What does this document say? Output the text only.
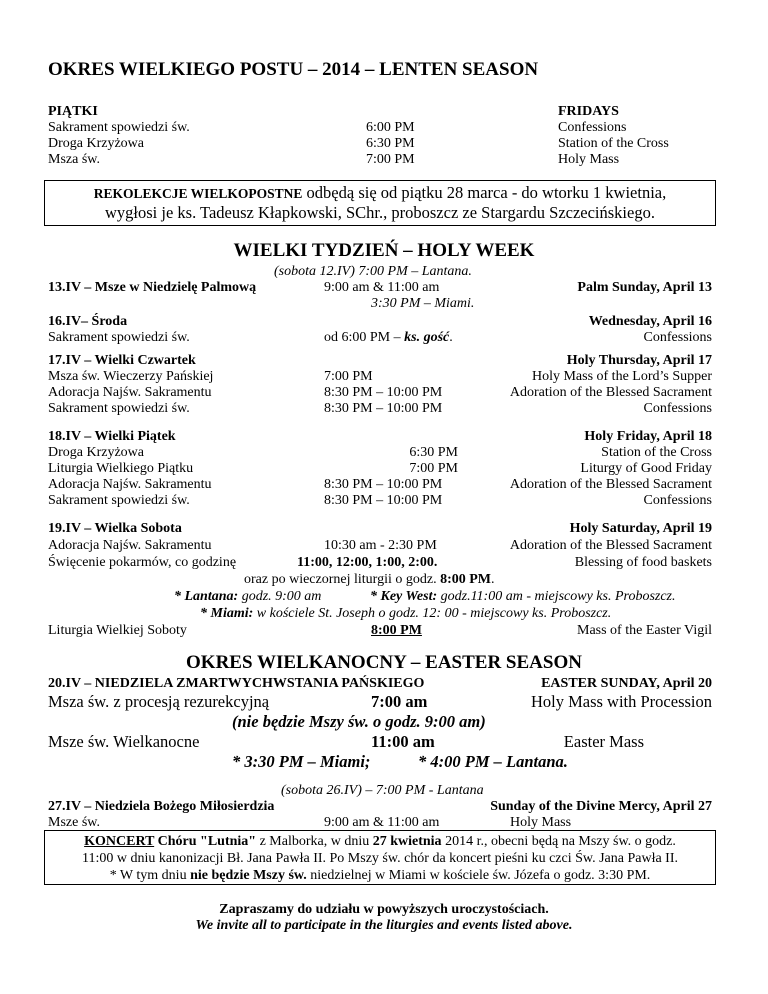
OKRES WIELKIEGO POSTU – 2014 – LENTEN SEASON
PIĄTKI	FRIDAYS
Sakrament spowiedzi św.	6:00 PM	Confessions
Droga Krzyżowa	6:30 PM	Station of the Cross
Msza św.	7:00 PM	Holy Mass
REKOLEKCJE WIELKOPOSTNE odbędą się od piątku 28 marca - do wtorku 1 kwietnia,
wygłosi je ks. Tadeusz Kłapkowski, SChr., proboszcz ze Stargardu Szczecińskiego.
WIELKI TYDZIEŃ – HOLY WEEK
(sobota 12.IV) 7:00 PM – Lantana.
13.IV – Msze w Niedzielę Palmową	9:00 am & 11:00 am	Palm Sunday, April 13
3:30 PM – Miami.
16.IV– Środa	Wednesday, April 16
Sakrament spowiedzi św.	od 6:00 PM – ks. gość.	Confessions
17.IV – Wielki Czwartek	Holy Thursday, April 17
Msza św. Wieczerzy Pańskiej	7:00 PM	Holy Mass of the Lord’s Supper
Adoracja Najśw. Sakramentu	8:30 PM – 10:00 PM	Adoration of the Blessed Sacrament
Sakrament spowiedzi św.	8:30 PM – 10:00 PM	Confessions
18.IV – Wielki Piątek	Holy Friday, April 18
Droga Krzyżowa	6:30 PM	Station of the Cross
Liturgia Wielkiego Piątku	7:00 PM	Liturgy of Good Friday
Adoracja Najśw. Sakramentu	8:30 PM – 10:00 PM	Adoration of the Blessed Sacrament
Sakrament spowiedzi św.	8:30 PM – 10:00 PM	Confessions
19.IV – Wielka Sobota	Holy Saturday, April 19
Adoracja Najśw. Sakramentu	10:30 am - 2:30 PM	Adoration of the Blessed Sacrament
Święcenie pokarmów, co godzinę	11:00, 12:00, 1:00, 2:00.	Blessing of food baskets
oraz po wieczornej liturgii o godz. 8:00 PM.
* Lantana: godz. 9:00 am	* Key West: godz.11:00 am - miejscowy ks. Proboszcz.
* Miami: w kościele St. Joseph o godz. 12: 00 - miejscowy ks. Proboszcz.
Liturgia Wielkiej Soboty	8:00 PM	Mass of the Easter Vigil
OKRES WIELKANOCNY – EASTER SEASON
20.IV – NIEDZIELA ZMARTWYCHWSTANIA PAŃSKIEGO	EASTER SUNDAY, April 20
Msza św. z procesją rezurekcyjną	7:00 am	Holy Mass with Procession
(nie będzie Mszy św. o godz. 9:00 am)
Msze św. Wielkanocne	11:00 am	Easter Mass
* 3:30 PM – Miami;	* 4:00 PM – Lantana.
(sobota 26.IV) – 7:00 PM - Lantana
27.IV – Niedziela Bożego Miłosierdzia	Sunday of the Divine Mercy, April 27
Msze św.	9:00 am & 11:00 am	Holy Mass
KONCERT Chóru "Lutnia" z Malborka, w dniu 27 kwietnia 2014 r., obecni będą na Mszy św. o godz.
11:00 w dniu kanonizacji Bł. Jana Pawła II. Po Mszy św. chór da koncert pieśni ku czci Św. Jana Pawła II.
* W tym dniu nie będzie Mszy św. niedzielnej w Miami w kościele św. Józefa o godz. 3:30 PM.
Zapraszamy do udziału w powyższych uroczystościach.
We invite all to participate in the liturgies and events listed above.
